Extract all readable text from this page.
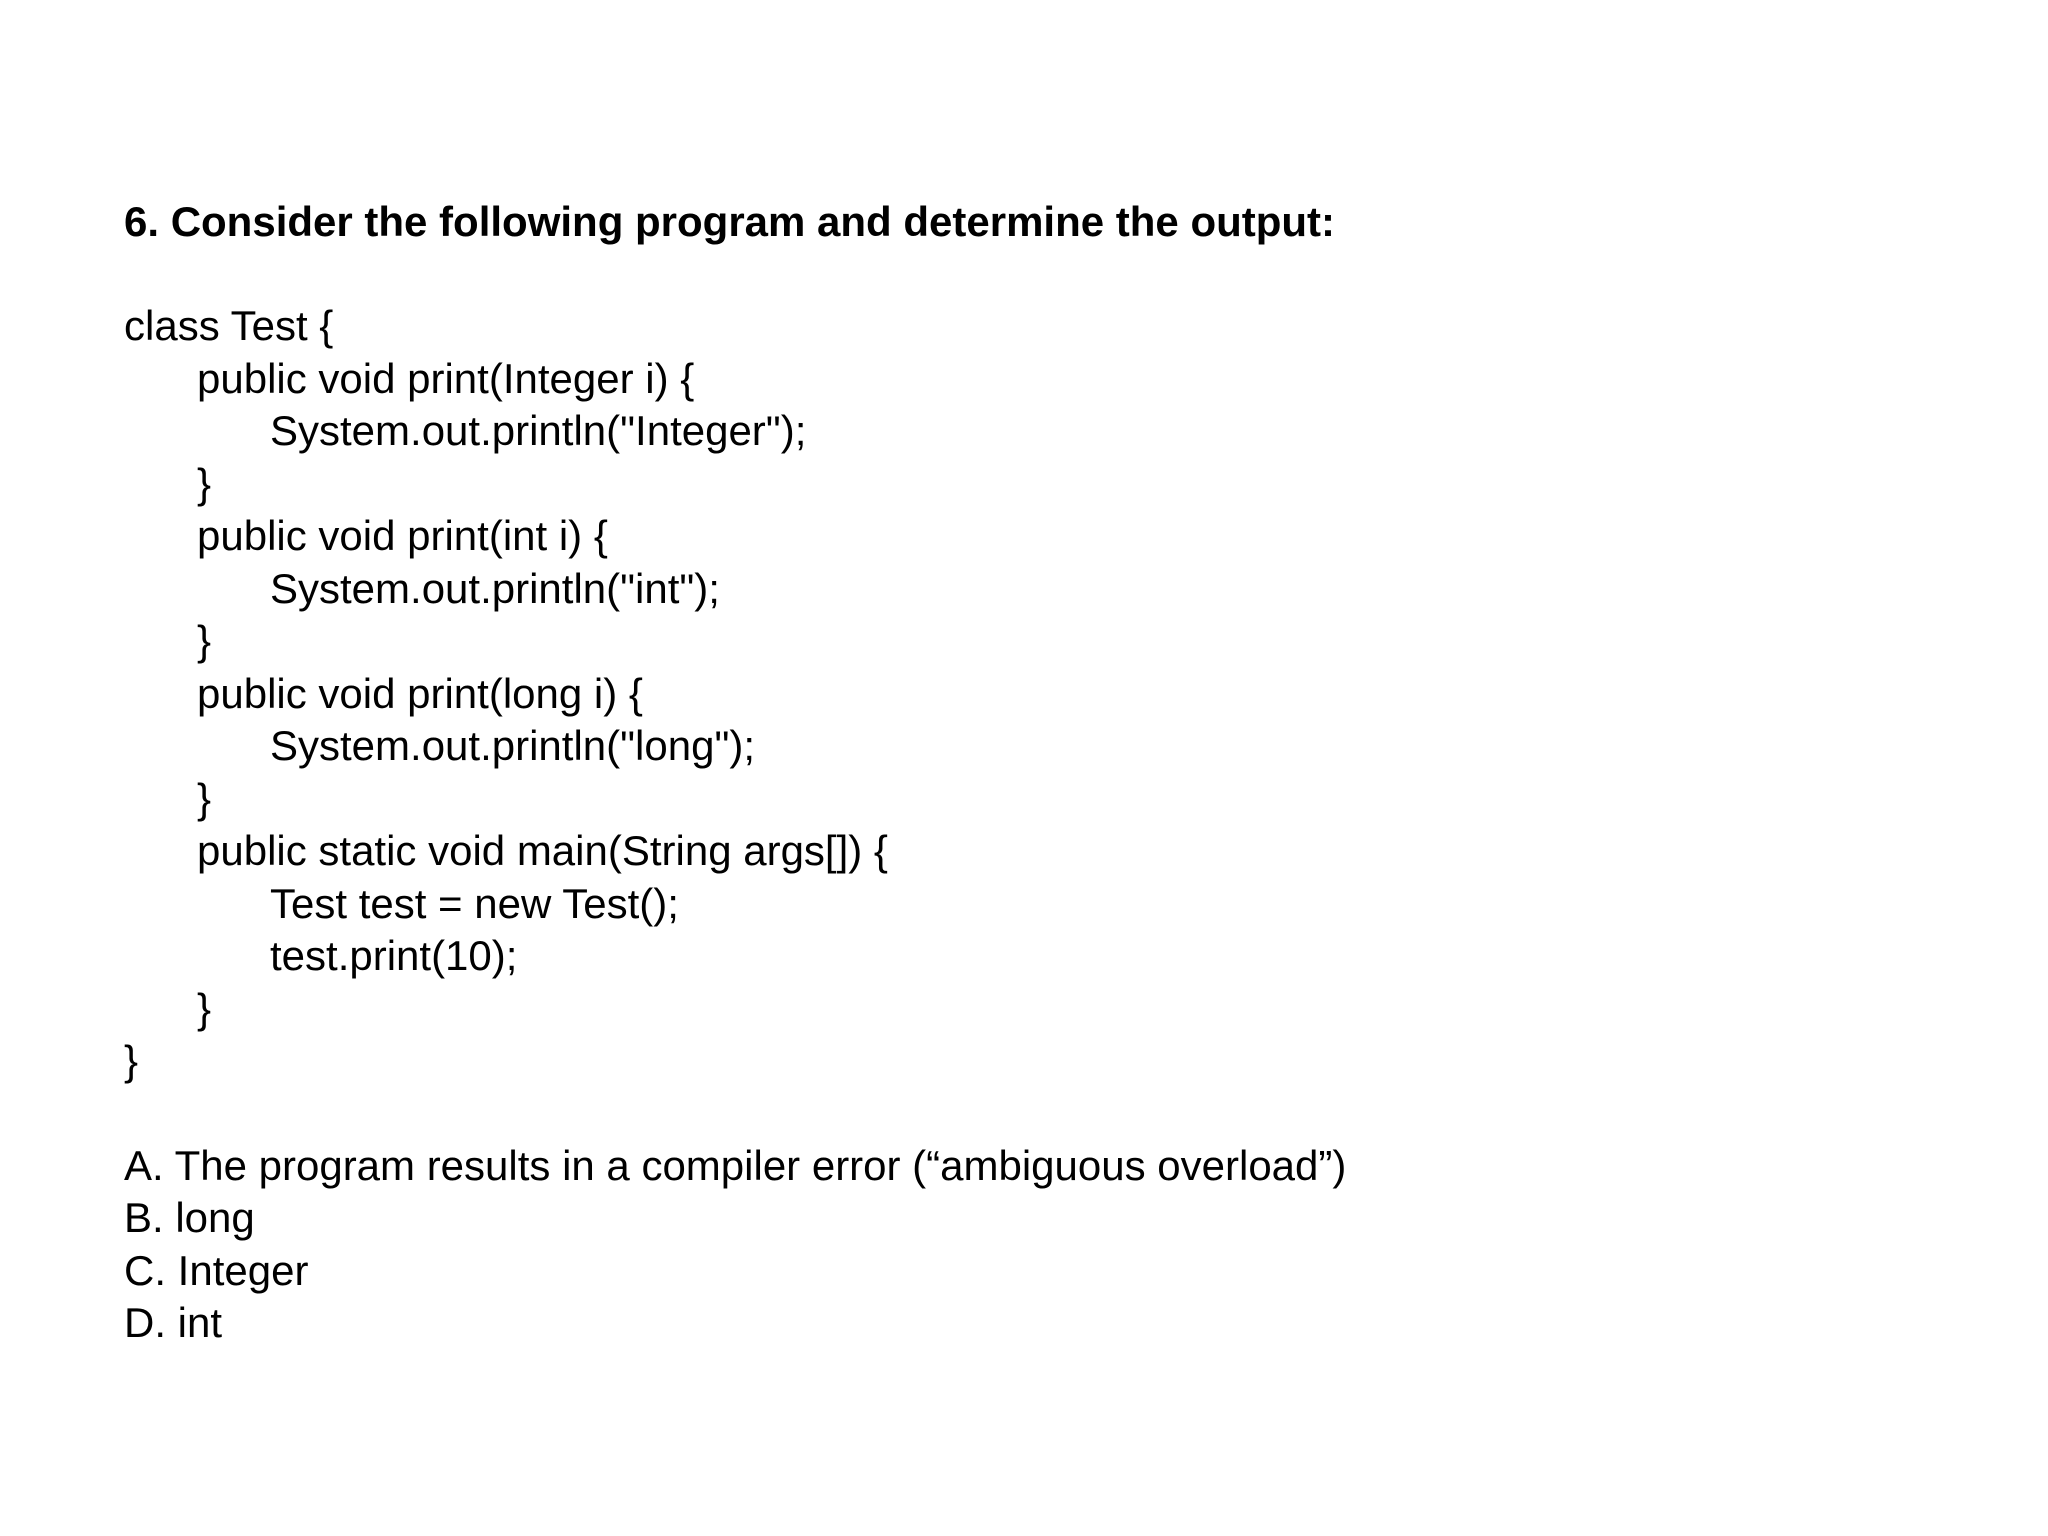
6. Consider the following program and determine the output:

class Test {
public void print(Integer i) {
System.out.println("Integer");
}
public void print(int i) {
System.out.println("int");
}
public void print(long i) {
System.out.println("long");
}
public static void main(String args[]) {
Test test = new Test();
test.print(10);
}
}
A. The program results in a compiler error (“ambiguous overload”)
B. long
C. Integer
D. int
